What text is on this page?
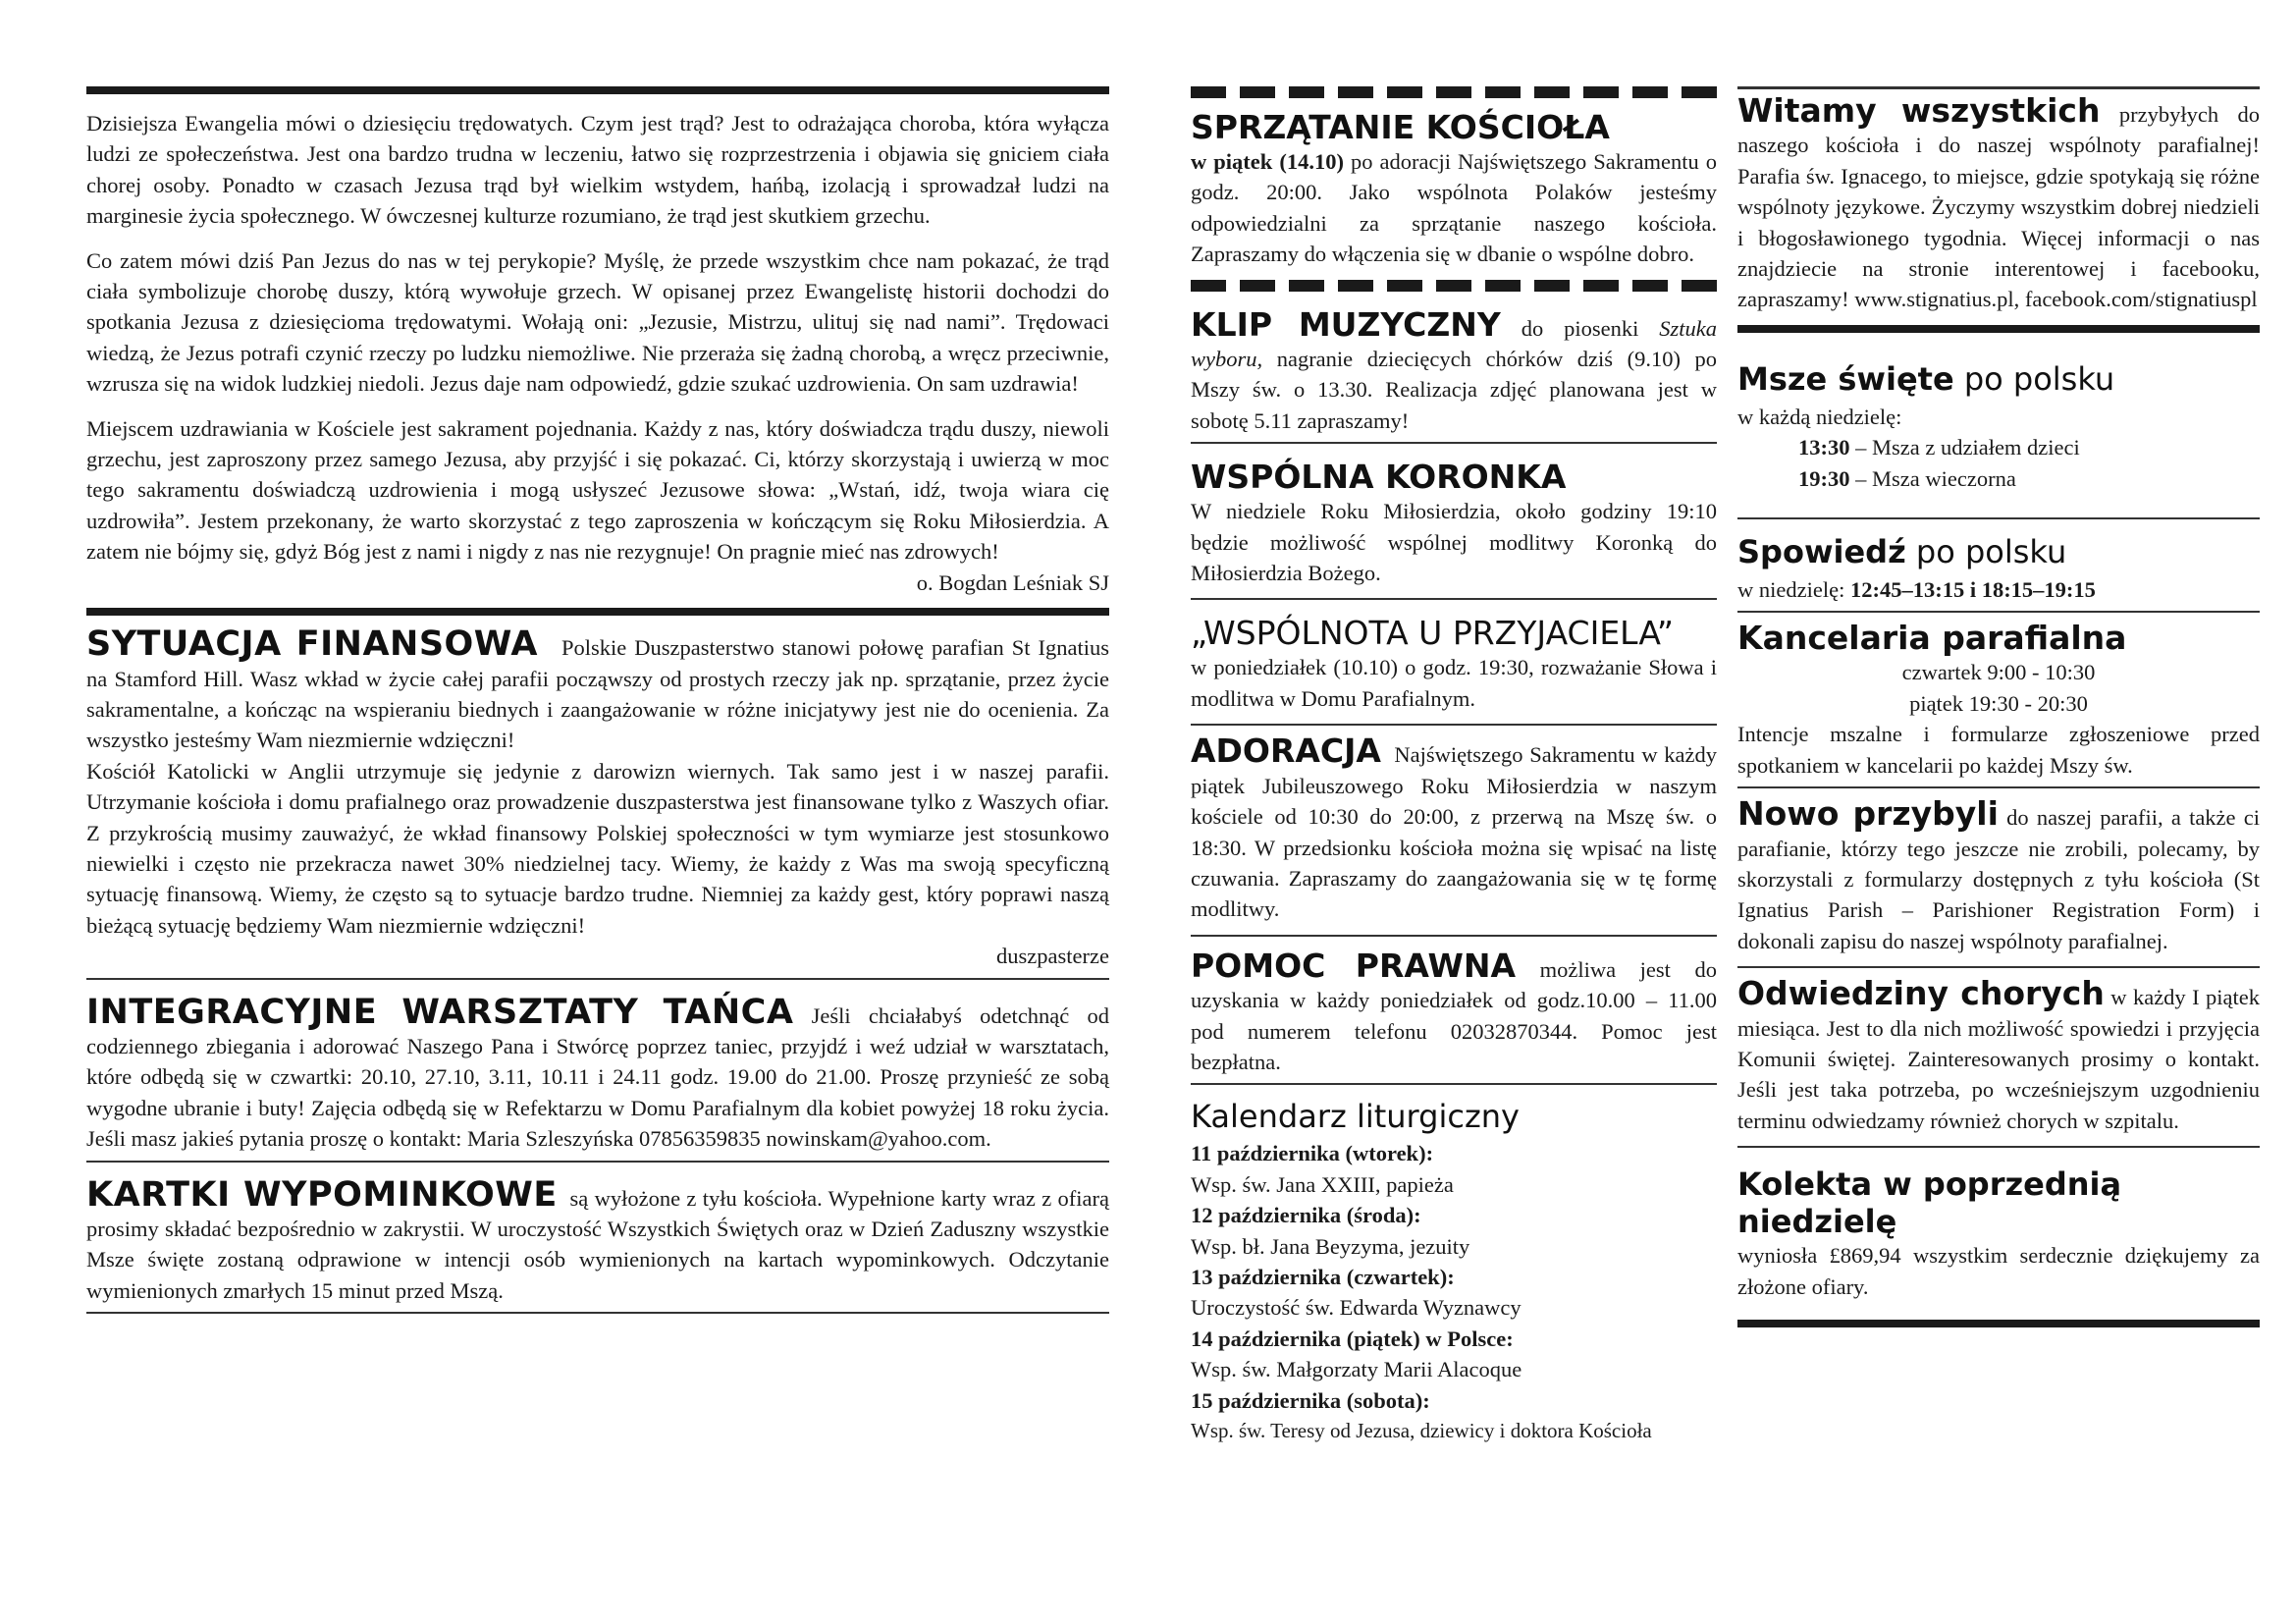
Dzisiejsza Ewangelia mówi o dziesięciu trędowatych. Czym jest trąd? Jest to odrażająca choroba, która wyłącza ludzi ze społeczeństwa. Jest ona bardzo trudna w leczeniu, łatwo się rozprzestrzenia i objawia się gniciem ciała chorej osoby. Ponadto w czasach Jezusa trąd był wielkim wstydem, hańbą, izolacją i sprowadzał ludzi na marginesie życia społecznego. W ówczesnej kulturze rozumiano, że trąd jest skutkiem grzechu.

Co zatem mówi dziś Pan Jezus do nas w tej perykopie? Myślę, że przede wszystkim chce nam pokazać, że trąd ciała symbolizuje chorobę duszy, którą wywołuje grzech. W opisanej przez Ewangelistę historii dochodzi do spotkania Jezusa z dziesięcioma trędowatymi. Wołają oni: „Jezusie, Mistrzu, ulituj się nad nami”. Trędowaci wiedzą, że Jezus potrafi czynić rzeczy po ludzku niemożliwe. Nie przeraża się żadną chorobą, a wręcz przeciwnie, wzrusza się na widok ludzkiej niedoli. Jezus daje nam odpowiedź, gdzie szukać uzdrowienia. On sam uzdrawia!

Miejscem uzdrawiania w Kościele jest sakrament pojednania. Każdy z nas, który doświadcza trądu duszy, niewoli grzechu, jest zaproszony przez samego Jezusa, aby przyjść i się pokazać. Ci, którzy skorzystają i uwierzą w moc tego sakramentu doświadczą uzdrowienia i mogą usłyszeć Jezusowe słowa: „Wstań, idź, twoja wiara cię uzdrowiła”. Jestem przekonany, że warto skorzystać z tego zaproszenia w kończącym się Roku Miłosierdzia. A zatem nie bójmy się, gdyż Bóg jest z nami i nigdy z nas nie rezygnuje! On pragnie mieć nas zdrowych!

o. Bogdan Leśniak SJ

SYTUACJA FINANSOWA Polskie Duszpasterstwo stanowi połowę parafian St Ignatius na Stamford Hill. Wasz wkład w życie całej parafii począwszy od prostych rzeczy jak np. sprzątanie, przez życie sakramentalne, a kończąc na wspieraniu biednych i zaangażowanie w różne inicjatywy jest nie do ocenienia. Za wszystko jesteśmy Wam niezmiernie wdzięczni!

Kościół Katolicki w Anglii utrzymuje się jedynie z darowizn wiernych. Tak samo jest i w naszej parafii. Utrzymanie kościoła i domu prafialnego oraz prowadzenie duszpasterstwa jest finansowane tylko z Waszych ofiar. Z przykrością musimy zauważyć, że wkład finansowy Polskiej społeczności w tym wymiarze jest stosunkowo niewielki i często nie przekracza nawet 30% niedzielnej tacy. Wiemy, że każdy z Was ma swoją specyficzną sytuację finansową. Wiemy, że często są to sytuacje bardzo trudne. Niemniej za każdy gest, który poprawi naszą bieżącą sytuację będziemy Wam niezmiernie wdzięczni!

duszpasterze

INTEGRACYJNE WARSZTATY TAŃCA Jeśli chciałabyś odetchnąć od codziennego zbiegania i adorować Naszego Pana i Stwórcę poprzez taniec, przyjdź i weź udział w warsztatach, które odbędą się w czwartki: 20.10, 27.10, 3.11, 10.11 i 24.11 godz. 19.00 do 21.00. Proszę przynieść ze sobą wygodne ubranie i buty! Zajęcia odbędą się w Refektarzu w Domu Parafialnym dla kobiet powyżej 18 roku życia. Jeśli masz jakieś pytania proszę o kontakt: Maria Szleszyńska 07856359835 nowinskam@yahoo.com.

KARTKI WYPOMINKOWE są wyłożone z tyłu kościoła. Wypełnione karty wraz z ofiarą prosimy składać bezpośrednio w zakrystii. W uroczystość Wszystkich Świętych oraz w Dzień Zaduszny wszystkie Msze święte zostaną odprawione w intencji osób wymienionych na kartach wypominkowych. Odczytanie wymienionych zmarłych 15 minut przed Mszą.

SPRZĄTANIE KOŚCIOŁA

w piątek (14.10) po adoracji Najświętszego Sakramentu o godz. 20:00. Jako wspólnota Polaków jesteśmy odpowiedzialni za sprzątanie naszego kościoła. Zapraszamy do włączenia się w dbanie o wspólne dobro.

KLIP MUZYCZNY do piosenki Sztuka wyboru, nagranie dziecięcych chórków dziś (9.10) po Mszy św. o 13.30. Realizacja zdjęć planowana jest w sobotę 5.11 zapraszamy!

WSPÓLNA KORONKA

W niedziele Roku Miłosierdzia, około godziny 19:10 będzie możliwość wspólnej modlitwy Koronką do Miłosierdzia Bożego.

„WSPÓLNOTA U PRZYJACIELA”

w poniedziałek (10.10) o godz. 19:30, rozważanie Słowa i modlitwa w Domu Parafialnym.

ADORACJA Najświętszego Sakramentu w każdy piątek Jubileuszowego Roku Miłosierdzia w naszym kościele od 10:30 do 20:00, z przerwą na Mszę św. o 18:30. W przedsionku kościoła można się wpisać na listę czuwania. Zapraszamy do zaangażowania się w tę formę modlitwy.

POMOC PRAWNA możliwa jest do uzyskania w każdy poniedziałek od godz.10.00 – 11.00 pod numerem telefonu 02032870344. Pomoc jest bezpłatna.

Kalendarz liturgiczny

11 października (wtorek):

Wsp. św. Jana XXIII, papieża

12 października (środa):

Wsp. bł. Jana Beyzyma, jezuity

13 października (czwartek):

Uroczystość św. Edwarda Wyznawcy

14 października (piątek) w Polsce:

Wsp. św. Małgorzaty Marii Alacoque

15 października (sobota):

Wsp. św. Teresy od Jezusa, dziewicy i doktora Kościoła

Witamy wszystkich przybyłych do naszego kościoła i do naszej wspólnoty parafialnej! Parafia św. Ignacego, to miejsce, gdzie spotykają się różne wspólnoty językowe. Życzymy wszystkim dobrej niedzieli i błogosławionego tygodnia. Więcej informacji o nas znajdziecie na stronie interentowej i facebooku, zapraszamy! www.stignatius.pl, facebook.com/stignatiuspl

Msze święte po polsku

w każdą niedzielę:

13:30 – Msza z udziałem dzieci

19:30 – Msza wieczorna

Spowiedź po polsku

w niedzielę: 12:45–13:15 i 18:15–19:15

Kancelaria parafialna

czwartek 9:00 - 10:30

piątek 19:30 - 20:30

Intencje mszalne i formularze zgłoszeniowe przed spotkaniem w kancelarii po każdej Mszy św.

Nowo przybyli do naszej parafii, a także ci parafianie, którzy tego jeszcze nie zrobili, polecamy, by skorzystali z formularzy dostępnych z tyłu kościoła (St Ignatius Parish – Parishioner Registration Form) i dokonali zapisu do naszej wspólnoty parafialnej.

Odwiedziny chorych w każdy I piątek miesiąca. Jest to dla nich możliwość spowiedzi i przyjęcia Komunii świętej. Zainteresowanych prosimy o kontakt. Jeśli jest taka potrzeba, po wcześniejszym uzgodnieniu terminu odwiedzamy również chorych w szpitalu.

Kolekta w poprzednią niedzielę

wyniosła £869,94 wszystkim serdecznie dziękujemy za złożone ofiary.
